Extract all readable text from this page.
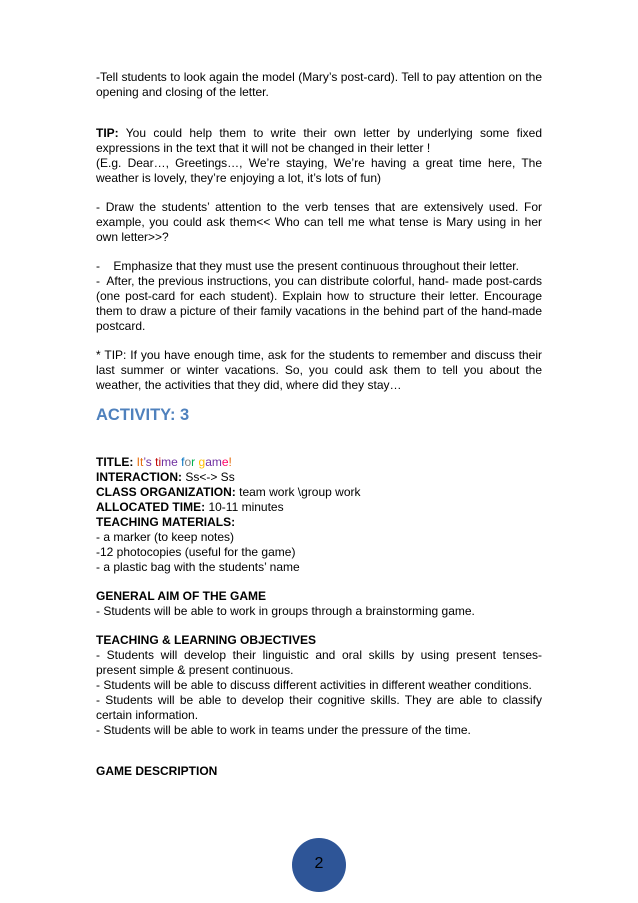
-Tell students to look again the model (Mary’s post-card). Tell to pay attention on the opening and closing of the letter.

TIP: You could help them to write their own letter by underlying some fixed expressions in the text that it will not be changed in their letter !

(E.g. Dear…, Greetings…, We’re staying, We’re having a great time here, The weather is lovely, they’re enjoying a lot, it’s lots of fun)

- Draw the students’ attention to the verb tenses that are extensively used. For example, you could ask them<< Who can tell me what tense is Mary using in her own letter>>?

-    Emphasize that they must use the present continuous throughout their letter.

-  After, the previous instructions, you can distribute colorful, hand- made post-cards (one post-card for each student). Explain how to structure their letter. Encourage them to draw a picture of their family vacations in the behind part of the hand-made postcard.

* TIP: If you have enough time, ask for the students to remember and discuss their last summer or winter vacations. So, you could ask them to tell you about the weather, the activities that they did, where did they stay…

ACTIVITY: 3

TITLE: It’s time for game!

INTERACTION: Ss<-> Ss

CLASS ORGANIZATION: team work \group work

ALLOCATED TIME: 10-11 minutes

TEACHING MATERIALS:

- a marker (to keep notes)

-12 photocopies (useful for the game)

- a plastic bag with the students’ name

GENERAL AIM OF THE GAME

- Students will be able to work in groups through a brainstorming game.

TEACHING & LEARNING OBJECTIVES

- Students will develop their linguistic and oral skills by using present tenses-present simple & present continuous.

- Students will be able to discuss different activities in different weather conditions.

- Students will be able to develop their cognitive skills. They are able to classify certain information.

- Students will be able to work in teams under the pressure of the time.

GAME DESCRIPTION

2
